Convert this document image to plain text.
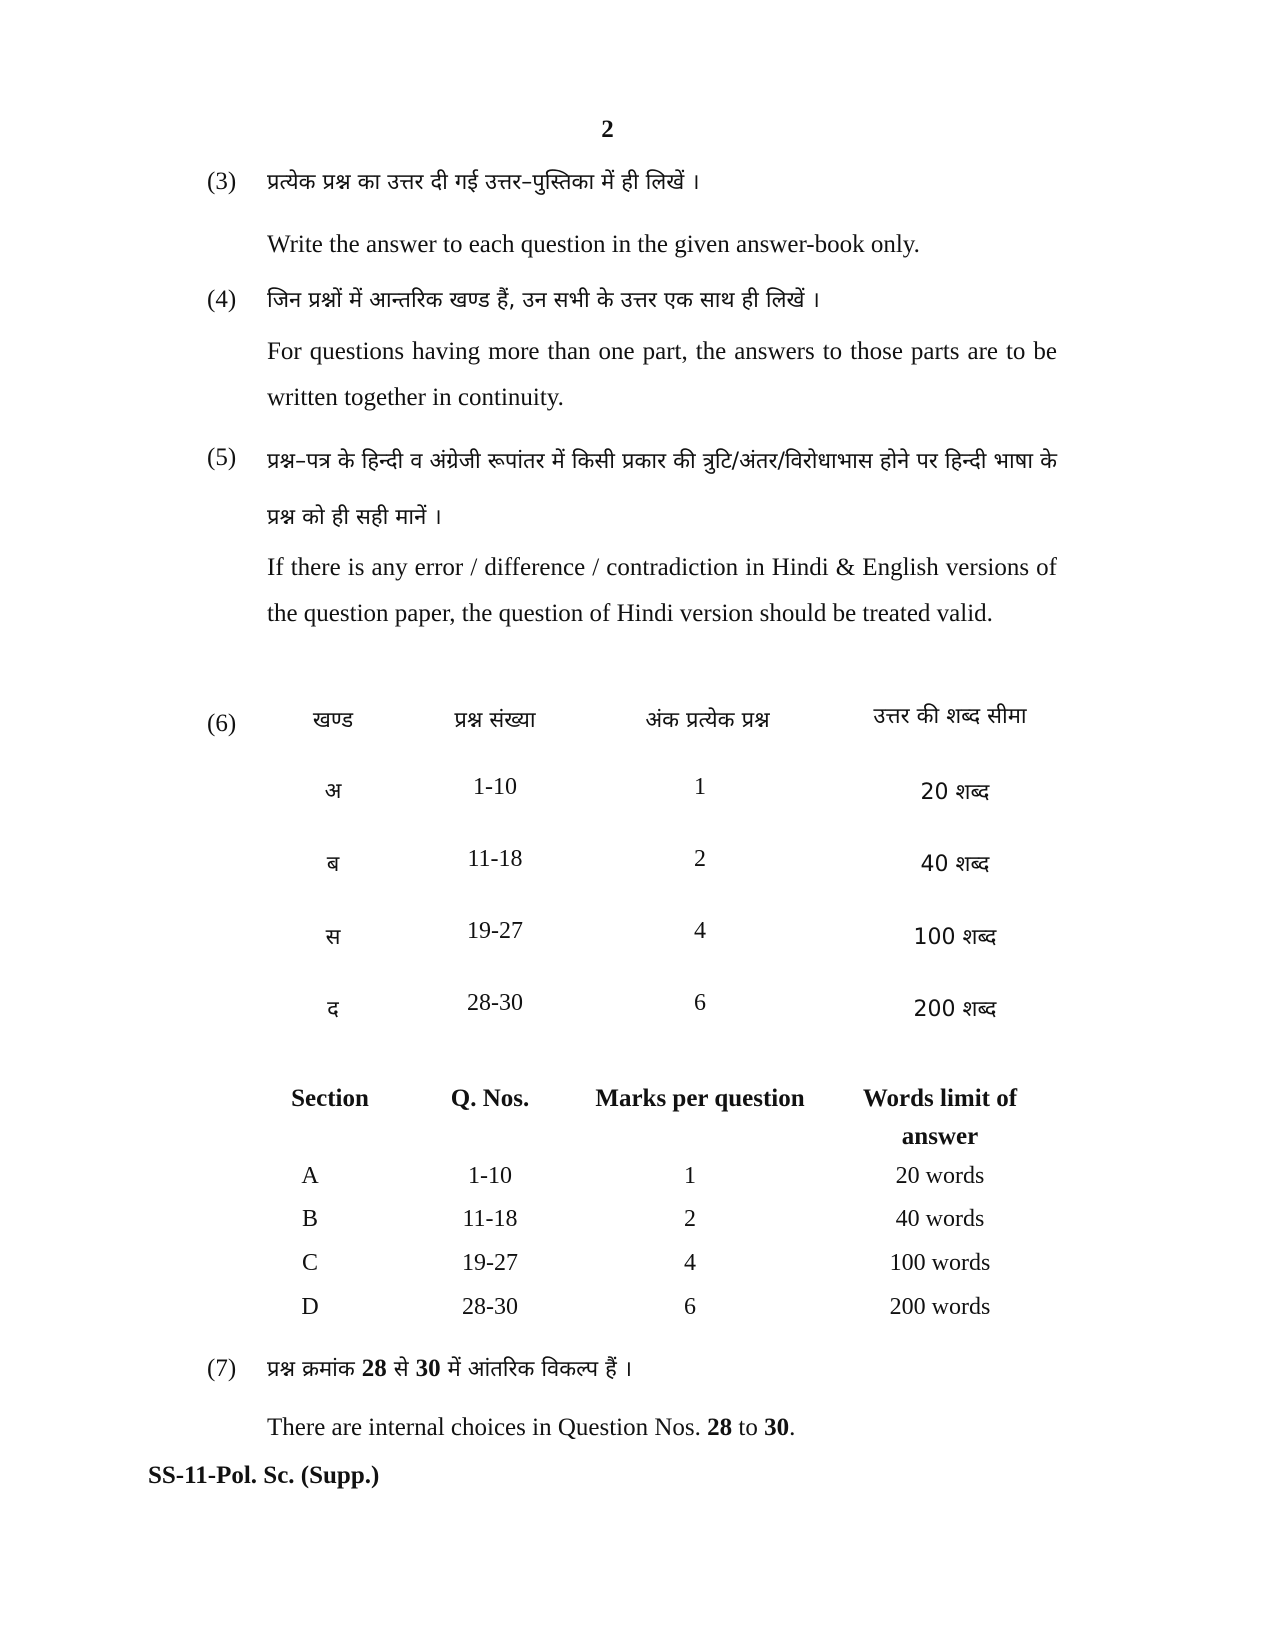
2
(3) प्रत्येक प्रश्न का उत्तर दी गई उत्तर–पुस्तिका में ही लिखें ।
Write the answer to each question in the given answer-book only.
(4) जिन प्रश्नों में आन्तरिक खण्ड हैं, उन सभी के उत्तर एक साथ ही लिखें ।
For questions having more than one part, the answers to those parts are to be written together in continuity.
(5) प्रश्न–पत्र के हिन्दी व अंग्रेजी रूपांतर में किसी प्रकार की त्रुटि/अंतर/विरोधाभास होने पर हिन्दी भाषा के प्रश्न को ही सही मानें ।
If there is any error / difference / contradiction in Hindi & English versions of the question paper, the question of Hindi version should be treated valid.
(6)	खण्ड	प्रश्न संख्या	अंक प्रत्येक प्रश्न	उत्तर की शब्द सीमा
अ	1-10	1	20 शब्द
ब	11-18	2	40 शब्द
स	19-27	4	100 शब्द
द	28-30	6	200 शब्द
Section	Q. Nos.	Marks per question	Words limit of answer
A	1-10	1	20 words
B	11-18	2	40 words
C	19-27	4	100 words
D	28-30	6	200 words
(7) प्रश्न क्रमांक 28 से 30 में आंतरिक विकल्प हैं ।
There are internal choices in Question Nos. 28 to 30.
SS-11-Pol. Sc. (Supp.)
